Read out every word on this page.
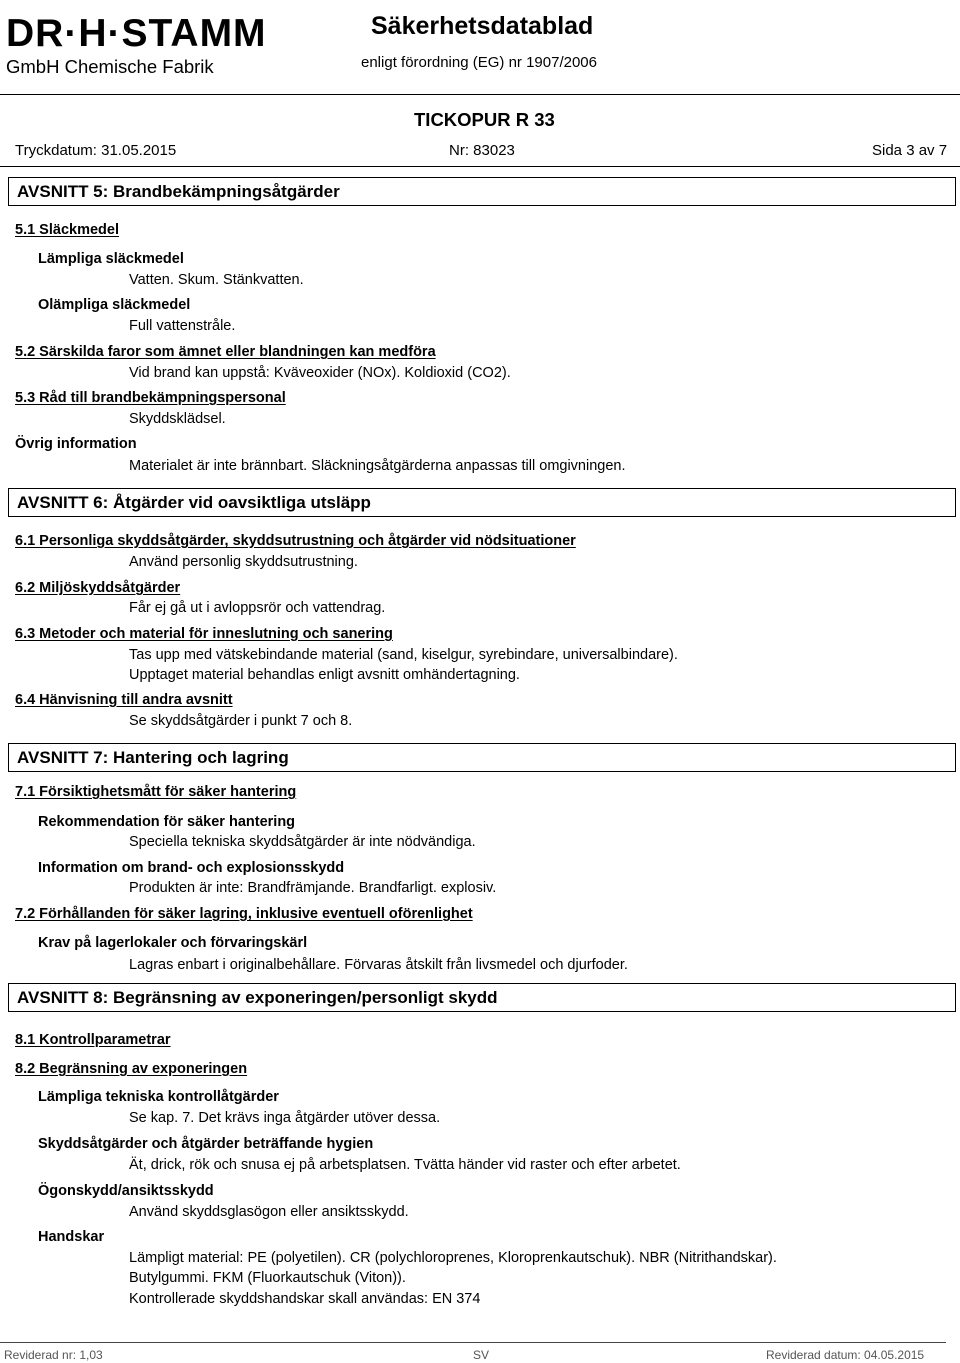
DR·H·STAMM
GmbH Chemische Fabrik
Säkerhetsdatablad
enligt förordning (EG) nr 1907/2006
TICKOPUR R 33
Tryckdatum: 31.05.2015	Nr: 83023	Sida 3 av 7
AVSNITT 5: Brandbekämpningsåtgärder
5.1 Släckmedel
Lämpliga släckmedel
Vatten. Skum. Stänkvatten.
Olämpliga släckmedel
Full vattenstråle.
5.2 Särskilda faror som ämnet eller blandningen kan medföra
Vid brand kan uppstå: Kväveoxider (NOx). Koldioxid (CO2).
5.3 Råd till brandbekämpningspersonal
Skyddsklädsel.
Övrig information
Materialet är inte brännbart. Släckningsåtgärderna anpassas till omgivningen.
AVSNITT 6: Åtgärder vid oavsiktliga utsläpp
6.1 Personliga skyddsåtgärder, skyddsutrustning och åtgärder vid nödsituationer
Använd personlig skyddsutrustning.
6.2 Miljöskyddsåtgärder
Får ej gå ut i avloppsrör och vattendrag.
6.3 Metoder och material för inneslutning och sanering
Tas upp med vätskebindande material (sand, kiselgur, syrebindare, universalbindare).
Upptaget material behandlas enligt avsnitt omhändertagning.
6.4 Hänvisning till andra avsnitt
Se skyddsåtgärder i punkt 7 och 8.
AVSNITT 7: Hantering och lagring
7.1 Försiktighetsmått för säker hantering
Rekommendation för säker hantering
Speciella tekniska skyddsåtgärder är inte nödvändiga.
Information om brand- och explosionsskydd
Produkten är inte: Brandfrämjande. Brandfarligt. explosiv.
7.2 Förhållanden för säker lagring, inklusive eventuell oförenlighet
Krav på lagerlokaler och förvaringskärl
Lagras enbart i originalbehållare. Förvaras åtskilt från livsmedel och djurfoder.
AVSNITT 8: Begränsning av exponeringen/personligt skydd
8.1 Kontrollparametrar
8.2 Begränsning av exponeringen
Lämpliga tekniska kontrollåtgärder
Se kap. 7. Det krävs inga åtgärder utöver dessa.
Skyddsåtgärder och åtgärder beträffande hygien
Ät, drick, rök och snusa ej på arbetsplatsen. Tvätta händer vid raster och efter arbetet.
Ögonskydd/ansiktsskydd
Använd skyddsglasögon eller ansiktsskydd.
Handskar
Lämpligt material: PE (polyetilen). CR (polychloroprenes, Kloroprenkautschuk). NBR (Nitrithandskar).
Butylgummi. FKM (Fluorkautschuk (Viton)).
Kontrollerade skyddshandskar skall användas: EN 374
Reviderad nr: 1,03	SV	Reviderad datum: 04.05.2015
